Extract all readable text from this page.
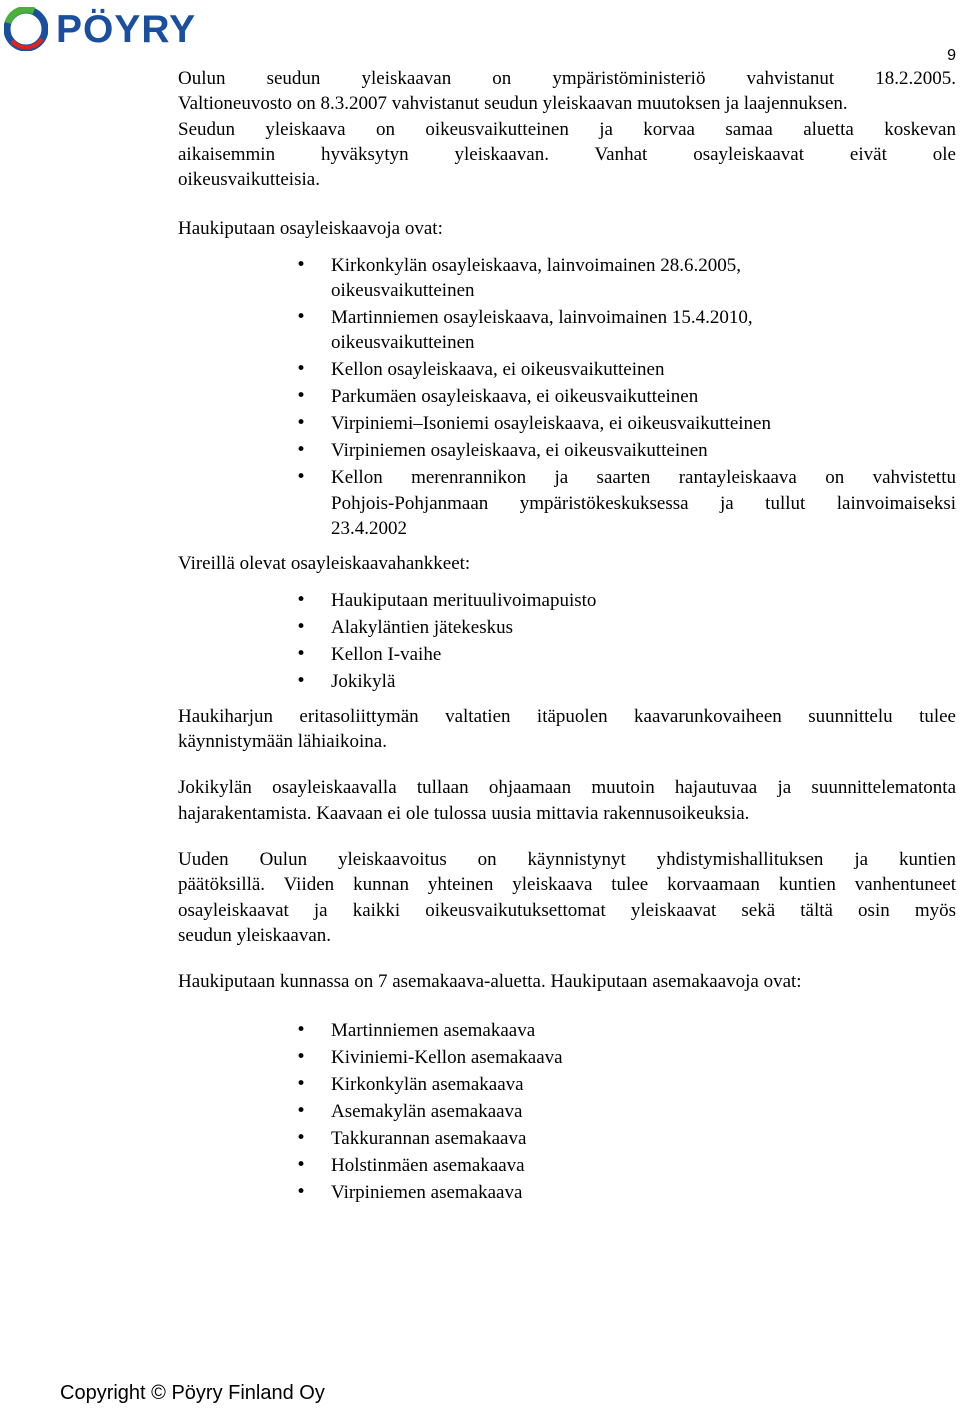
PÖYRY
9

Oulun seudun yleiskaavan on ympäristöministeriö vahvistanut 18.2.2005.
Valtioneuvosto on 8.3.2007 vahvistanut seudun yleiskaavan muutoksen ja laajennuksen.
Seudun yleiskaava on oikeusvaikutteinen ja korvaa samaa aluetta koskevan
aikaisemmin hyväksytyn yleiskaavan. Vanhat osayleiskaavat eivät ole
oikeusvaikutteisia.

Haukiputaan osayleiskaavoja ovat:

• Kirkonkylän osayleiskaava, lainvoimainen 28.6.2005,
oikeusvaikutteinen
• Martinniemen osayleiskaava, lainvoimainen 15.4.2010,
oikeusvaikutteinen
• Kellon osayleiskaava, ei oikeusvaikutteinen
• Parkumäen osayleiskaava, ei oikeusvaikutteinen
• Virpiniemi–Isoniemi osayleiskaava, ei oikeusvaikutteinen
• Virpiniemen osayleiskaava, ei oikeusvaikutteinen
• Kellon merenrannikon ja saarten rantayleiskaava on vahvistettu
Pohjois-Pohjanmaan ympäristökeskuksessa ja tullut lainvoimaiseksi
23.4.2002

Vireillä olevat osayleiskaavahankkeet:

• Haukiputaan merituulivoimapuisto
• Alakyläntien jätekeskus
• Kellon I-vaihe
• Jokikylä

Haukiharjun eritasoliittymän valtatien itäpuolen kaavarunkovaiheen suunnittelu tulee
käynnistymään lähiaikoina.

Jokikylän osayleiskaavalla tullaan ohjaamaan muutoin hajautuvaa ja suunnittelematonta
hajarakentamista. Kaavaan ei ole tulossa uusia mittavia rakennusoikeuksia.

Uuden Oulun yleiskaavoitus on käynnistynyt yhdistymishallituksen ja kuntien
päätöksillä. Viiden kunnan yhteinen yleiskaava tulee korvaamaan kuntien vanhentuneet
osayleiskaavat ja kaikki oikeusvaikutuksettomat yleiskaavat sekä tältä osin myös
seudun yleiskaavan.

Haukiputaan kunnassa on 7 asemakaava-aluetta. Haukiputaan asemakaavoja ovat:

• Martinniemen asemakaava
• Kiviniemi-Kellon asemakaava
• Kirkonkylän asemakaava
• Asemakylän asemakaava
• Takkurannan asemakaava
• Holstinmäen asemakaava
• Virpiniemen asemakaava
Copyright © Pöyry Finland Oy
